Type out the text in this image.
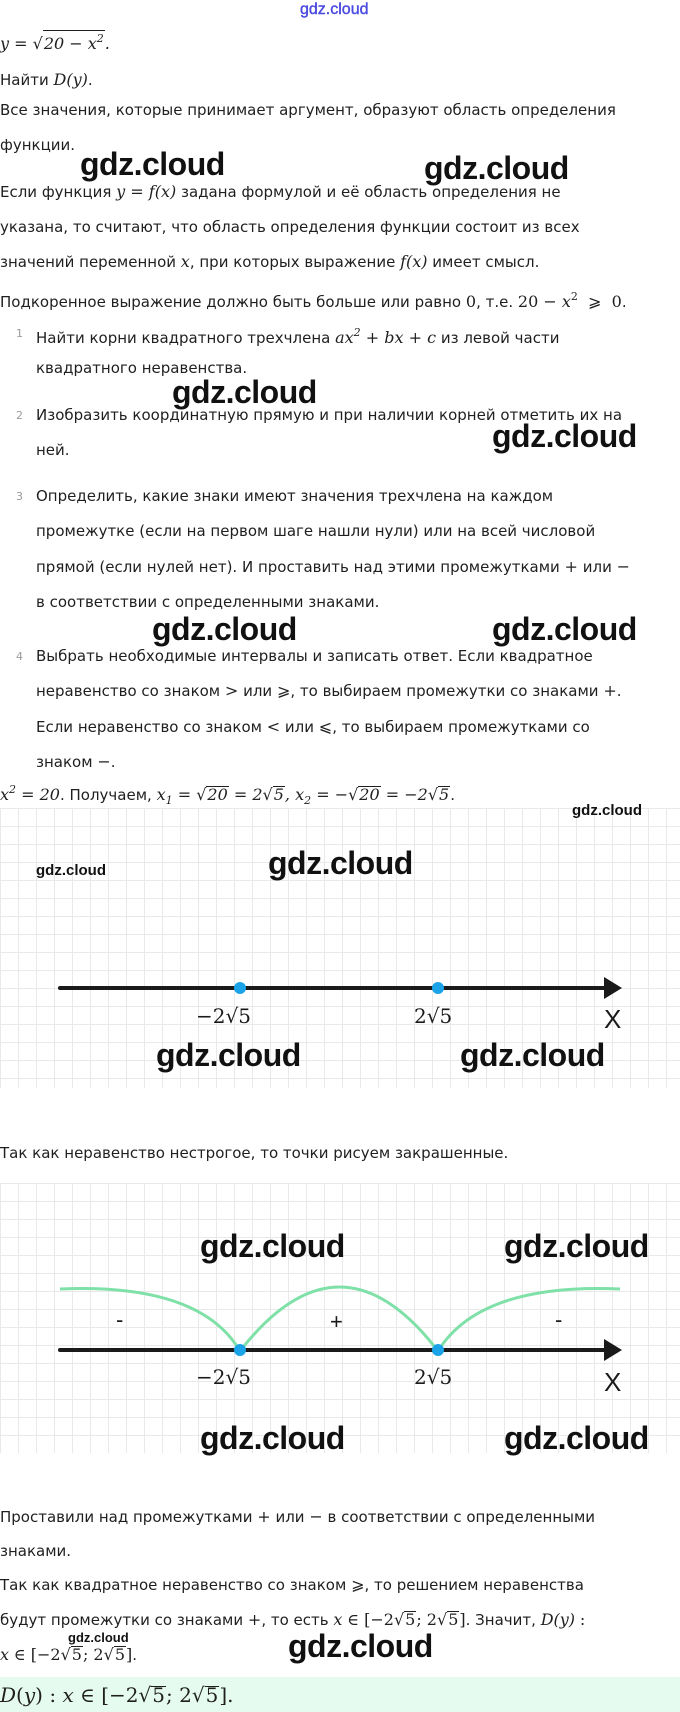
gdz.cloud
$y = √20 - x^2$.
Найти D(y).
Все значения, которые принимает аргумент, образуют область определения
функции.
Если функция y = f(x) задана формулой и её область определения не
указана, то считают, что область определения функции состоит из всех
значений переменной x, при которых выражение f(x) имеет смысл.
Подкоренное выражение должно быть больше или равно 0, т.е. $20 - x^2$  ⩾  0.
1 Найти корни квадратного трехчлена $ax^2$ + bx + c из левой части
квадратного неравенства.
2 Изобразить координатную прямую и при наличии корней отметить их на
ней.
3 Определить, какие знаки имеют значения трехчлена на каждом
промежутке (если на первом шаге нашли нули) или на всей числовой
прямой (если нулей нет). И проставить над этими промежутками + или −
в соответствии с определенными знаками.
4 Выбрать необходимые интервалы и записать ответ. Если квадратное
неравенство со знаком > или ⩾, то выбираем промежутки со знаками +.
Если неравенство со знаком < или ⩽, то выбираем промежутками со
знаком −.
$x^2 = 20$. Получаем, $x_1 = √20 = 2√5$, $x_2 = -√20 = -2√5$.
−2√5	2√5	X
Так как неравенство нестрогое, то точки рисуем закрашенные.
-	+	-
−2√5	2√5	X
Проставили над промежутками + или − в соответствии с определенными
знаками.
Так как квадратное неравенство со знаком ⩾, то решением неравенства
будут промежутки со знаками +, то есть x ∈ [−2√5; 2√5]. Значит, D(y) :
x ∈ [−2√5; 2√5].
D(y) : x ∈ [−2√5; 2√5].
gdz.cloud	gdz.cloud
gdz.cloud
gdz.cloud
gdz.cloud	gdz.cloud
gdz.cloud
gdz.cloud	gdz.cloud
gdz.cloud	gdz.cloud
gdz.cloud	gdz.cloud
gdz.cloud	gdz.cloud
gdz.cloud	gdz.cloud
